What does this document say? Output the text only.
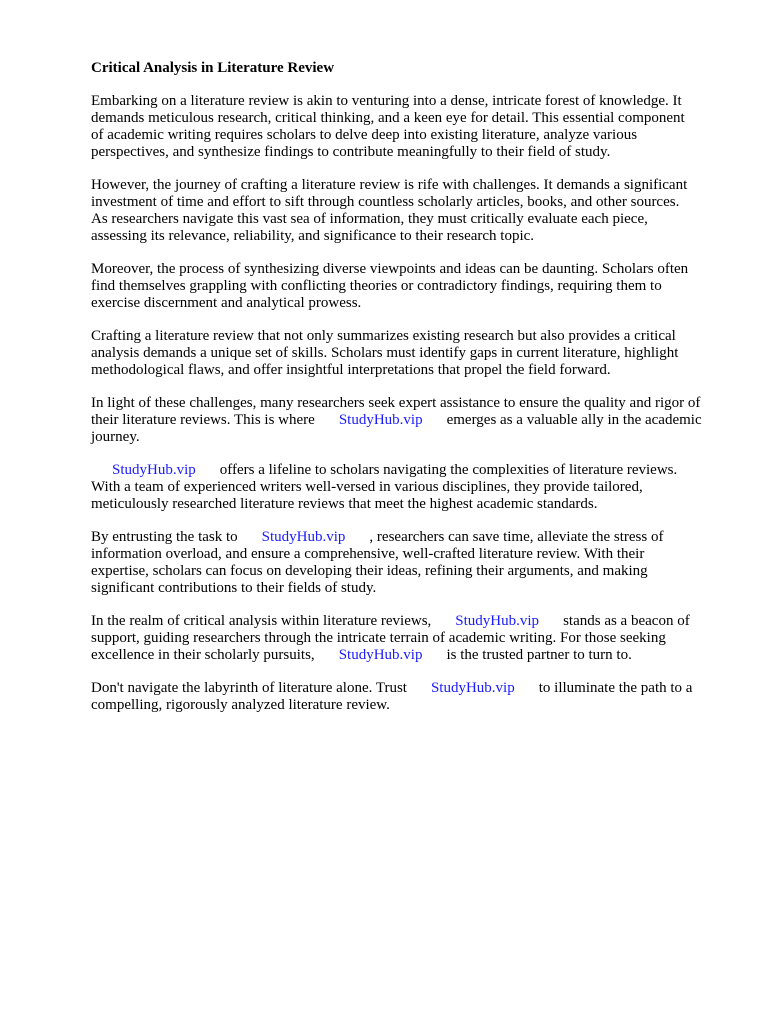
Critical Analysis in Literature Review
Embarking on a literature review is akin to venturing into a dense, intricate forest of knowledge. It
demands meticulous research, critical thinking, and a keen eye for detail. This essential component
of academic writing requires scholars to delve deep into existing literature, analyze various
perspectives, and synthesize findings to contribute meaningfully to their field of study.
However, the journey of crafting a literature review is rife with challenges. It demands a significant
investment of time and effort to sift through countless scholarly articles, books, and other sources.
As researchers navigate this vast sea of information, they must critically evaluate each piece,
assessing its relevance, reliability, and significance to their research topic.
Moreover, the process of synthesizing diverse viewpoints and ideas can be daunting. Scholars often
find themselves grappling with conflicting theories or contradictory findings, requiring them to
exercise discernment and analytical prowess.
Crafting a literature review that not only summarizes existing research but also provides a critical
analysis demands a unique set of skills. Scholars must identify gaps in current literature, highlight
methodological flaws, and offer insightful interpretations that propel the field forward.
In light of these challenges, many researchers seek expert assistance to ensure the quality and rigor of
their literature reviews. This is where StudyHub.vip emerges as a valuable ally in the academic
journey.
StudyHub.vip offers a lifeline to scholars navigating the complexities of literature reviews.
With a team of experienced writers well-versed in various disciplines, they provide tailored,
meticulously researched literature reviews that meet the highest academic standards.
By entrusting the task to StudyHub.vip , researchers can save time, alleviate the stress of
information overload, and ensure a comprehensive, well-crafted literature review. With their
expertise, scholars can focus on developing their ideas, refining their arguments, and making
significant contributions to their fields of study.
In the realm of critical analysis within literature reviews, StudyHub.vip stands as a beacon of
support, guiding researchers through the intricate terrain of academic writing. For those seeking
excellence in their scholarly pursuits, StudyHub.vip is the trusted partner to turn to.
Don't navigate the labyrinth of literature alone. Trust StudyHub.vip to illuminate the path to a
compelling, rigorously analyzed literature review.
